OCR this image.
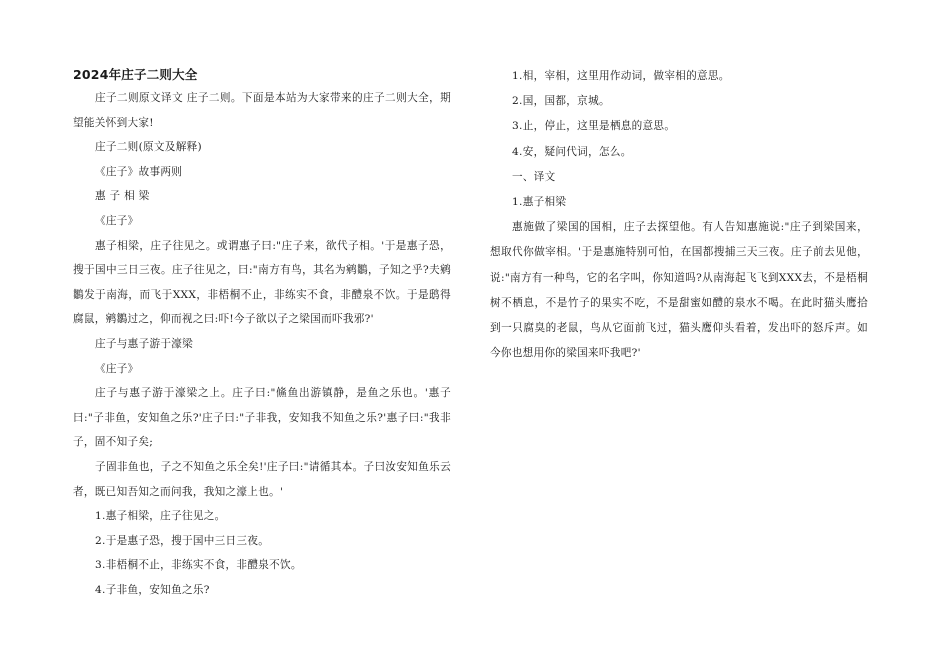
2024年庄子二则大全

庄子二则原文译文 庄子二则。下面是本站为大家带来的庄子二则大全，期望能关怀到大家!

庄子二则(原文及解释)

《庄子》故事两则

惠 子 相 梁

《庄子》

惠子相梁，庄子往见之。或谓惠子曰:"庄子来，欲代子相。'于是惠子恐，搜于国中三日三夜。庄子往见之，曰:"南方有鸟，其名为鹓鶵，子知之乎?夫鹓鶵发于南海，而飞于XXX，非梧桐不止，非练实不食，非醴泉不饮。于是鸱得腐鼠，鹓鶵过之，仰而视之曰:吓!今子欲以子之梁国而吓我邪?'

庄子与惠子游于濠梁

《庄子》

庄子与惠子游于濠梁之上。庄子曰:"鯈鱼出游镇静，是鱼之乐也。'惠子曰:"子非鱼，安知鱼之乐?'庄子曰:"子非我，安知我不知鱼之乐?'惠子曰:"我非子，固不知子矣;

子固非鱼也，子之不知鱼之乐全矣!'庄子曰:"请循其本。子曰汝安知鱼乐云者，既已知吾知之而问我，我知之濠上也。'

1.惠子相梁，庄子往见之。

2.于是惠子恐，搜于国中三日三夜。

3.非梧桐不止，非练实不食，非醴泉不饮。

4.子非鱼，安知鱼之乐?

1.相，宰相，这里用作动词，做宰相的意思。

2.国，国都，京城。

3.止，停止，这里是栖息的意思。

4.安，疑问代词，怎么。

一、译文

1.惠子相梁

惠施做了梁国的国相，庄子去探望他。有人告知惠施说:"庄子到梁国来，想取代你做宰相。'于是惠施特别可怕，在国都搜捕三天三夜。庄子前去见他，说:"南方有一种鸟，它的名字叫，你知道吗?从南海起飞飞到XXX去，不是梧桐树不栖息，不是竹子的果实不吃，不是甜蜜如醴的泉水不喝。在此时猫头鹰拾到一只腐臭的老鼠，鸟从它面前飞过，猫头鹰仰头看着，发出吓的怒斥声。如今你也想用你的梁国来吓我吧?'
